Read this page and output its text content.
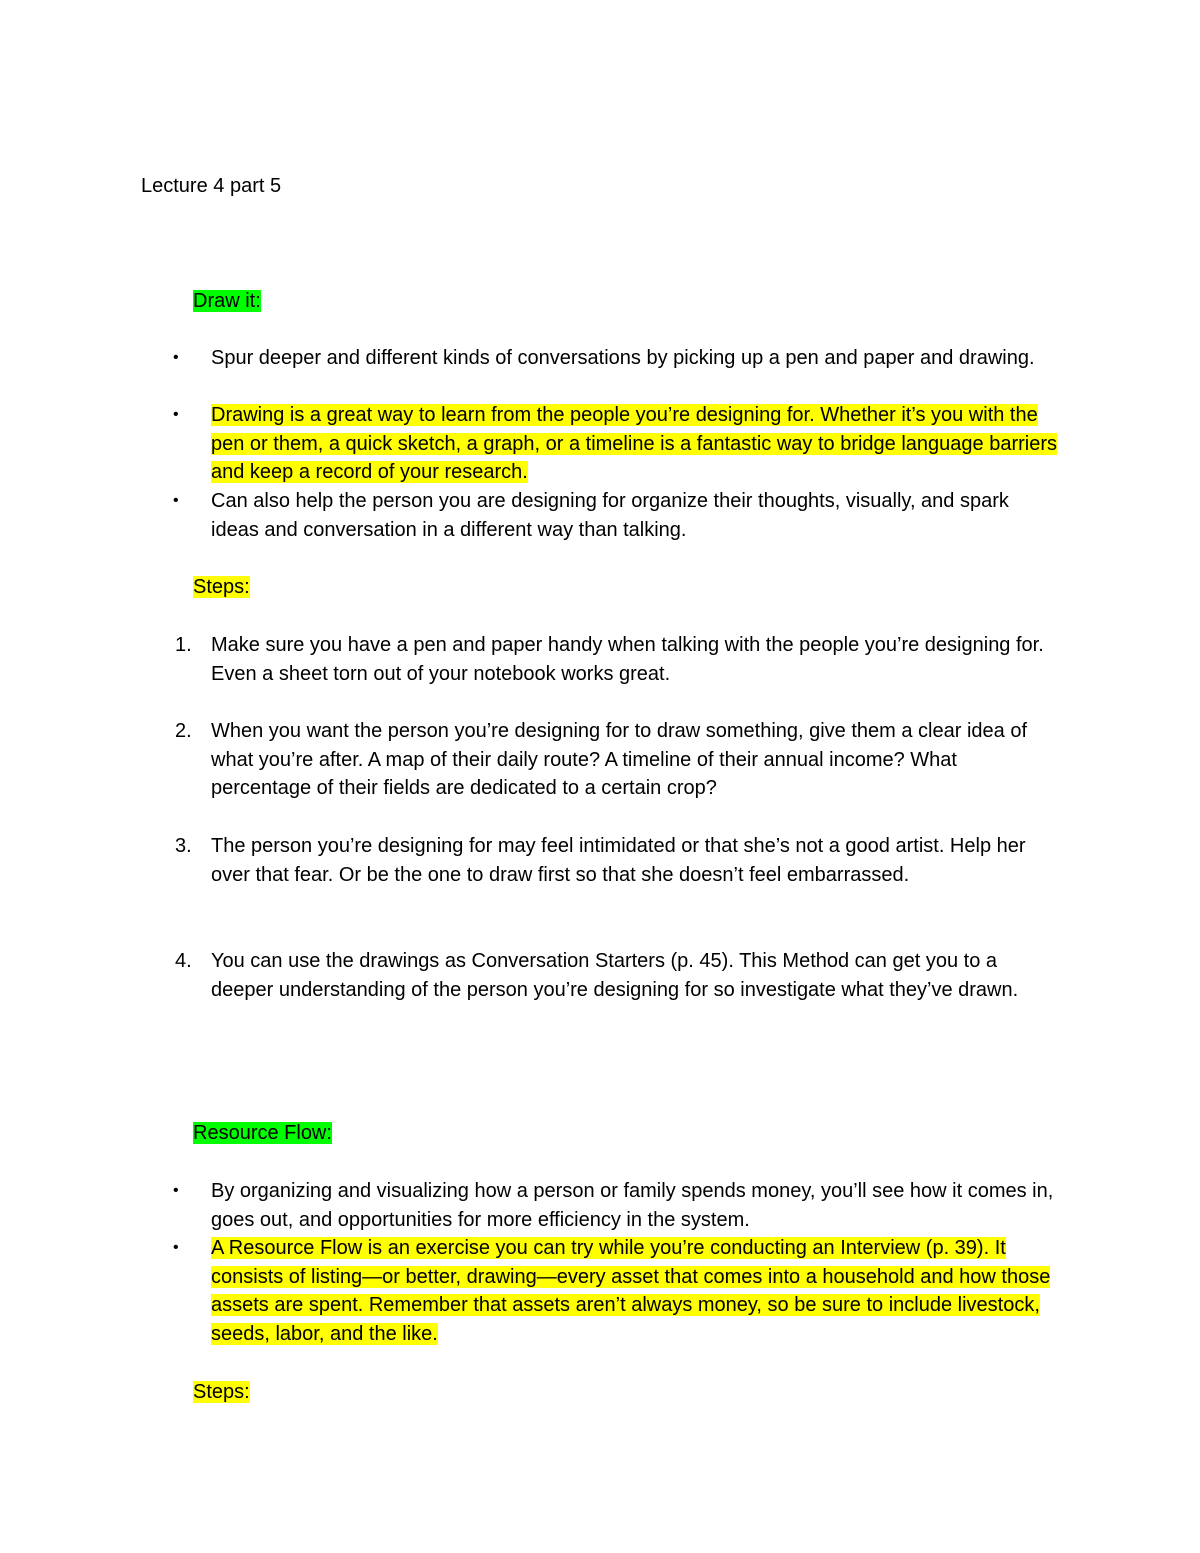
Lecture 4 part 5
Draw it:
• Spur deeper and different kinds of conversations by picking up a pen and paper and drawing.
• Drawing is a great way to learn from the people you’re designing for. Whether it’s you with the pen or them, a quick sketch, a graph, or a timeline is a fantastic way to bridge language barriers and keep a record of your research.
• Can also help the person you are designing for organize their thoughts, visually, and spark ideas and conversation in a different way than talking.
Steps:
1. Make sure you have a pen and paper handy when talking with the people you’re designing for. Even a sheet torn out of your notebook works great.
2. When you want the person you’re designing for to draw something, give them a clear idea of what you’re after. A map of their daily route? A timeline of their annual income? What percentage of their fields are dedicated to a certain crop?
3. The person you’re designing for may feel intimidated or that she’s not a good artist. Help her over that fear. Or be the one to draw first so that she doesn’t feel embarrassed.
4. You can use the drawings as Conversation Starters (p. 45). This Method can get you to a deeper understanding of the person you’re designing for so investigate what they’ve drawn.
Resource Flow:
• By organizing and visualizing how a person or family spends money, you’ll see how it comes in, goes out, and opportunities for more efficiency in the system.
• A Resource Flow is an exercise you can try while you’re conducting an Interview (p. 39). It consists of listing—or better, drawing—every asset that comes into a household and how those assets are spent. Remember that assets aren’t always money, so be sure to include livestock, seeds, labor, and the like.
Steps:
